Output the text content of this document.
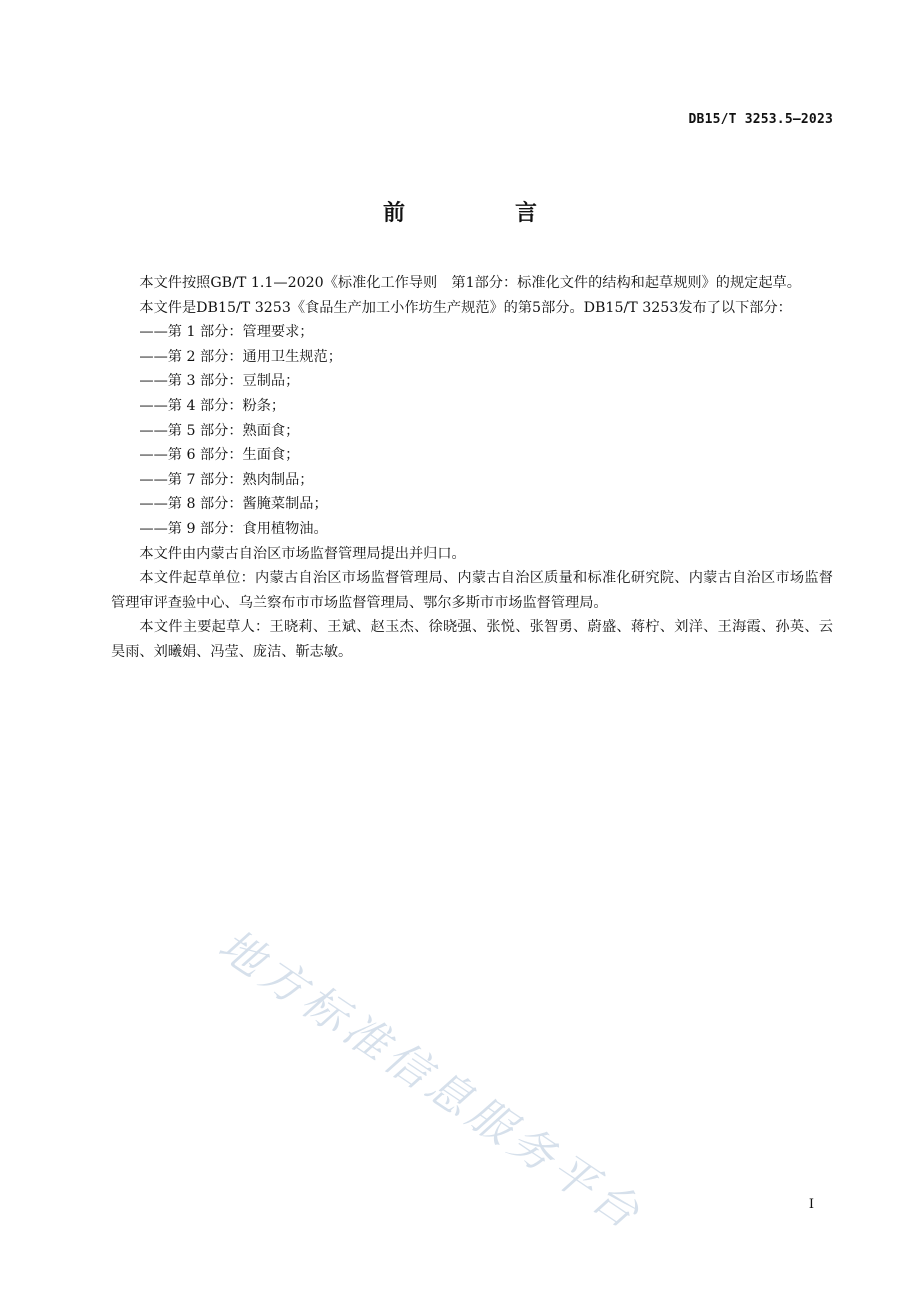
DB15/T 3253.5—2023
前　言

本文件按照GB/T 1.1—2020《标准化工作导则　第1部分：标准化文件的结构和起草规则》的规定起草。

本文件是DB15/T 3253《食品生产加工小作坊生产规范》的第5部分。DB15/T 3253发布了以下部分：

——第 1 部分：管理要求；

——第 2 部分：通用卫生规范；

——第 3 部分：豆制品；

——第 4 部分：粉条；

——第 5 部分：熟面食；

——第 6 部分：生面食；

——第 7 部分：熟肉制品；

——第 8 部分：酱腌菜制品；

——第 9 部分：食用植物油。

本文件由内蒙古自治区市场监督管理局提出并归口。

本文件起草单位：内蒙古自治区市场监督管理局、内蒙古自治区质量和标准化研究院、内蒙古自治区市场监督管理审评查验中心、乌兰察布市市场监督管理局、鄂尔多斯市市场监督管理局。

本文件主要起草人：王晓莉、王斌、赵玉杰、徐晓强、张悦、张智勇、蔚盛、蒋柠、刘洋、王海霞、孙英、云昊雨、刘曦娟、冯莹、庞洁、靳志敏。

地方标准信息服务平台	I
